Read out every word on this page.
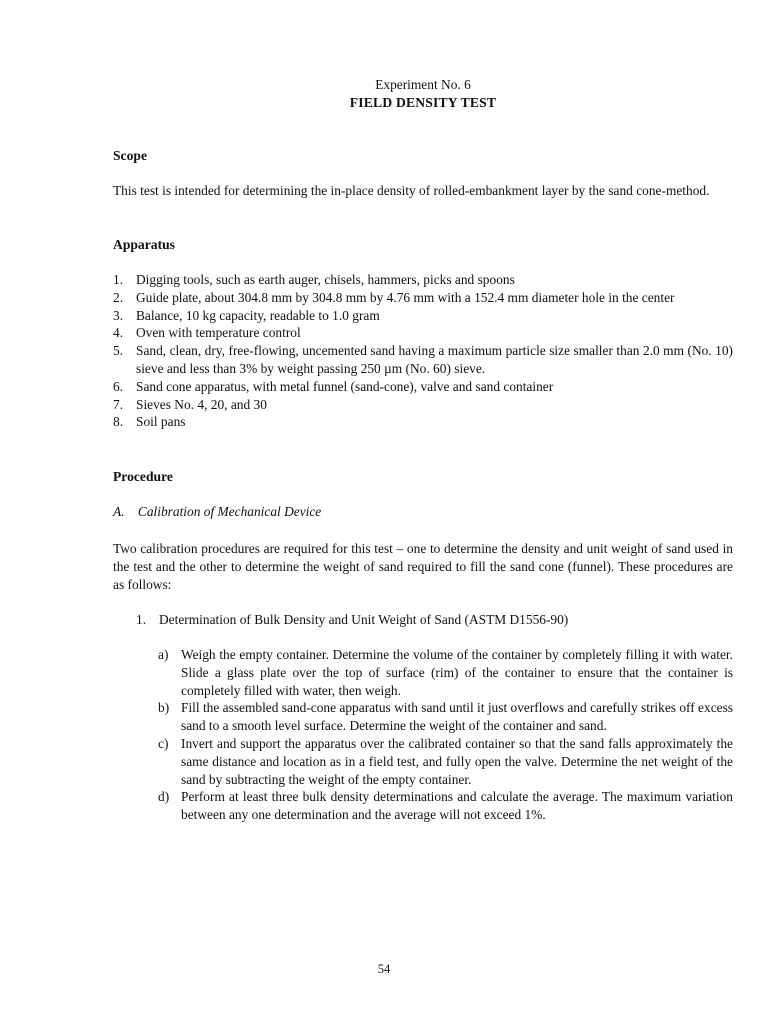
Experiment No. 6
FIELD DENSITY TEST
Scope
This test is intended for determining the in-place density of rolled-embankment layer by the sand cone-method.
Apparatus
1. Digging tools, such as earth auger, chisels, hammers, picks and spoons
2. Guide plate, about 304.8 mm by 304.8 mm by 4.76 mm with a 152.4 mm diameter hole in the center
3. Balance, 10 kg capacity, readable to 1.0 gram
4. Oven with temperature control
5. Sand, clean, dry, free-flowing, uncemented sand having a maximum particle size smaller than 2.0 mm (No. 10) sieve and less than 3% by weight passing 250 µm (No. 60) sieve.
6. Sand cone apparatus, with metal funnel (sand-cone), valve and sand container
7. Sieves No. 4, 20, and 30
8. Soil pans
Procedure
A. Calibration of Mechanical Device
Two calibration procedures are required for this test – one to determine the density and unit weight of sand used in the test and the other to determine the weight of sand required to fill the sand cone (funnel). These procedures are as follows:
1. Determination of Bulk Density and Unit Weight of Sand (ASTM D1556-90)
a) Weigh the empty container. Determine the volume of the container by completely filling it with water. Slide a glass plate over the top of surface (rim) of the container to ensure that the container is completely filled with water, then weigh.
b) Fill the assembled sand-cone apparatus with sand until it just overflows and carefully strikes off excess sand to a smooth level surface. Determine the weight of the container and sand.
c) Invert and support the apparatus over the calibrated container so that the sand falls approximately the same distance and location as in a field test, and fully open the valve. Determine the net weight of the sand by subtracting the weight of the empty container.
d) Perform at least three bulk density determinations and calculate the average. The maximum variation between any one determination and the average will not exceed 1%.
54
